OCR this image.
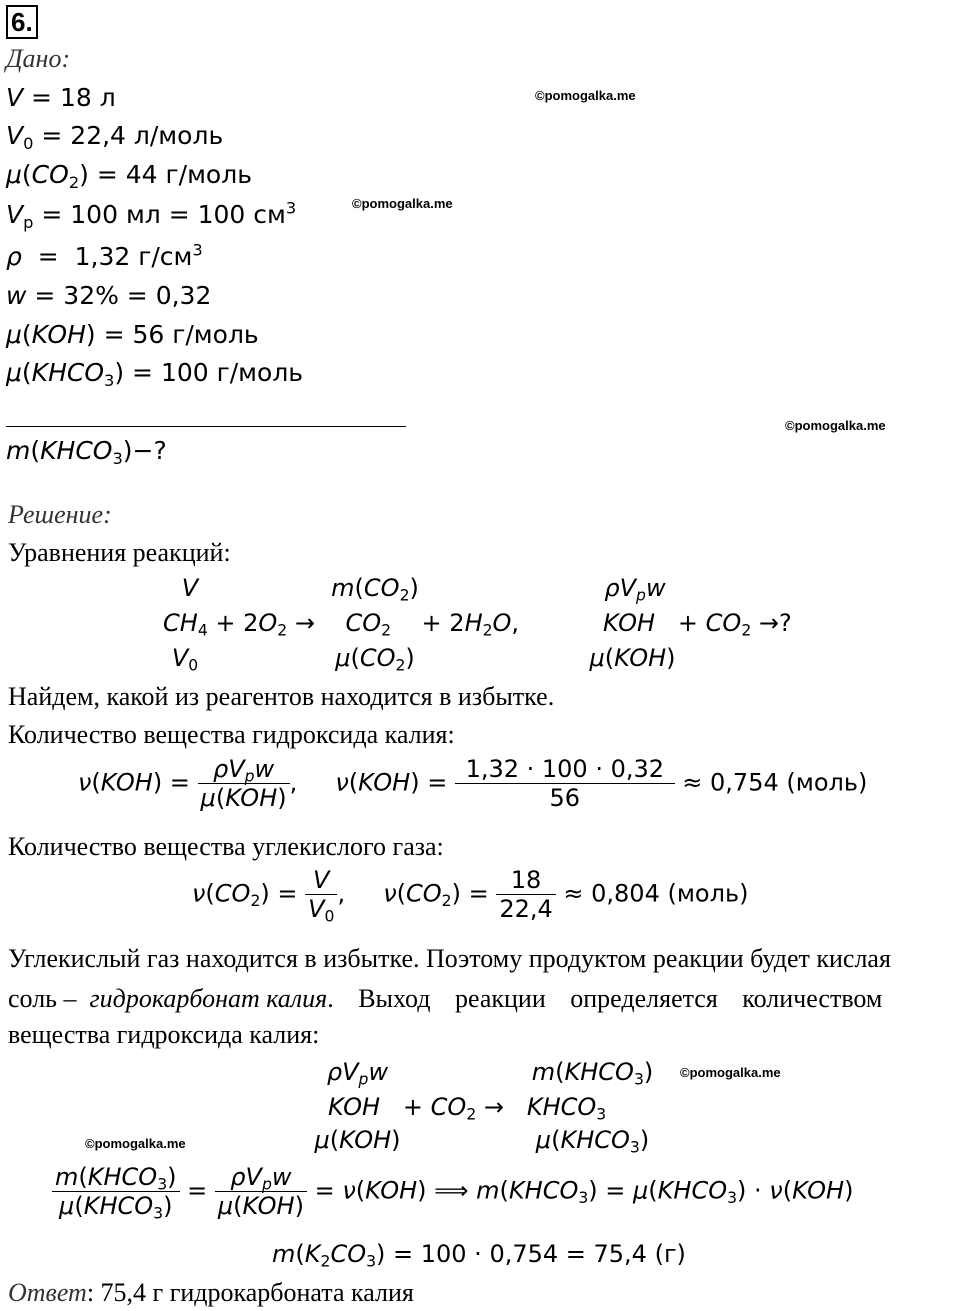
6.
Дано:
V = 18 л
$V_0 = 22,4$ л/моль
$\mu(CO_2) = 44$ г/моль
$V_р = 100$ мл = 100 $см^3$
ρ  =  1,32 $г/см^3$
w = 32% = 0,32
μ(KOH) = 56 г/моль
$\mu(KHCO_3) = 100$ г/моль
$m(KHCO_3)-$?
©pomogalka.me
©pomogalka.me
©pomogalka.me
©pomogalka.me
©pomogalka.me
Решение:
Уравнения реакций:
V	$m(CO_2)$	$\rho V_pw$
$CH_4 + 2O_2$ →    $CO_2$    + $2H_2O$,	KOH   + $CO_2$ →?
$V_0$	$\mu(CO_2)$	μ(KOH)
Найдем, какой из реагентов находится в избытке.
Количество вещества гидроксида калия:
$\nu(KOH) = \frac{\rho V_pw}{\text{μ(KOH)}}$ ,     $\nu(KOH) = \frac{1,32 \cdot 100 \cdot 0,32}{56} \approx 0,754$ (моль)
Количество вещества углекислого газа:
$\nu(CO_2) = \frac{V}{V_0}$ ,     $\nu(CO_2) = \frac{18}{22,4} \approx 0,804$ (моль)
Углекислый газ находится в избытке. Поэтому продуктом реакции будет кислая
соль –
гидрокарбонат калия . Выход реакции определяется количеством
вещества гидроксида калия:
$\rho V_pw$	$m(KHCO_3)$
KOH   + $CO_2$ →   $KHCO_3$
μ(KOH)	$\mu(KHCO_3)$
$\frac{m(KHCO_3)}{\mu(KHCO_3)} = \frac{\rho V_pw}{\text{μ(KOH)}} = \nu(KOH)$ ⟹ $m(KHCO_3)$ = $\mu(KHCO_3) \cdot \nu(KOH)$
$m(K_2CO_3) = 100 \cdot 0,754 = 75,4$ (г)
Ответ: 75,4 г гидрокарбоната калия
